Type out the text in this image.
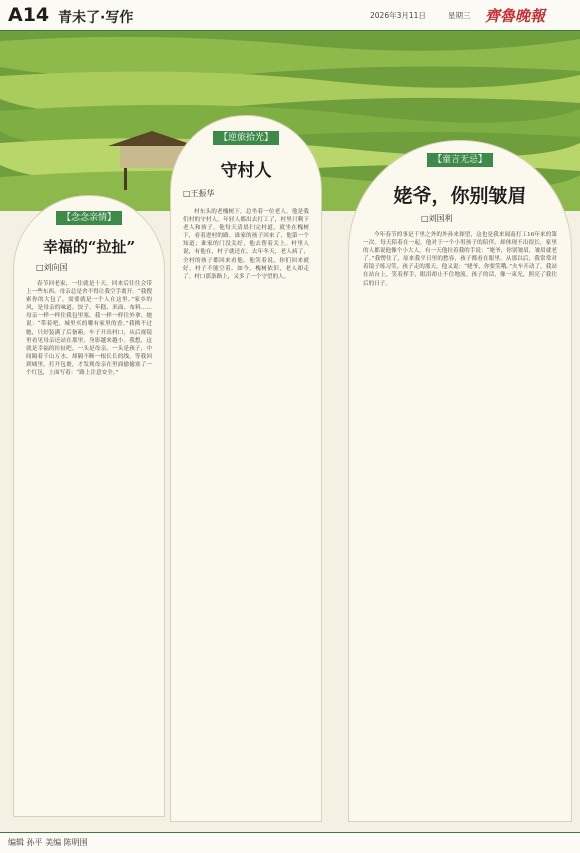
A14 青未了·写作	2026年3月11日	星期三 齊魯晚報
【念念亲情】
幸福的“拉扯”
□刘向国
春节回老家，一住就是十天，回来后往往会带上一些东西。母亲总是舍不得让我空手离开。“我搜索你的大包了，需要就是一个人在这里。”家乡的风，是母亲的味道。饺子、年糕、米面、布料……母亲一样一样往我包里塞，我一样一样往外拿。她说：“带着吧，城里买的哪有家里的香。”我拗不过她，只好装满了后备箱。车子开出村口，从后视镜里看见母亲还站在那里，身影越来越小。我想，这就是幸福的拉扯吧。一头是母亲，一头是孩子，中间隔着千山万水，却隔不断一根长长的线。等我回到城里，打开包裹，才发现母亲在里面偷偷塞了一个红包，上面写着：“路上注意安全。”
【逆旅拾光】
守村人
□王振华
村东头的老槐树下，总坐着一位老人。他是我们村的守村人。年轻人都出去打工了，村里只剩下老人和孩子。他每天清晨扫完村道，就坐在槐树下，看着进村的路。谁家的孩子回来了，他第一个知道；谁家的门没关好，他去帮着关上。村里人说，有他在，村子就还在。去年冬天，老人病了，全村的孩子都回来看他。他笑着说，你们回来就好，村子不能空着。如今，槐树依旧，老人却走了。村口那条路上，又多了一个守望的人。
【童言无忌】
姥爷，你别皱眉
□刘国利
今年春节的事是千里之外的外孙来探望，这也是我来闻南打工16年来的第一次。每天陪着在一起，他对于一个小男孩子的陪伴，却体现不出很长，家里的人都说他像个小大人。有一天他拉着我的手说：“姥爷，你别皱眉，皱眉就老了。”我愣住了，原来我平日里的愁容，孩子都看在眼里。从那以后，我常常对着镜子练习笑。孩子走的那天，他又说：“姥爷，你要笑哦。”火车开动了，我站在站台上，笑着挥手，眼泪却止不住地流。孩子的话，像一束光，照亮了我往后的日子。
编辑 孙平 美编 陈明围
